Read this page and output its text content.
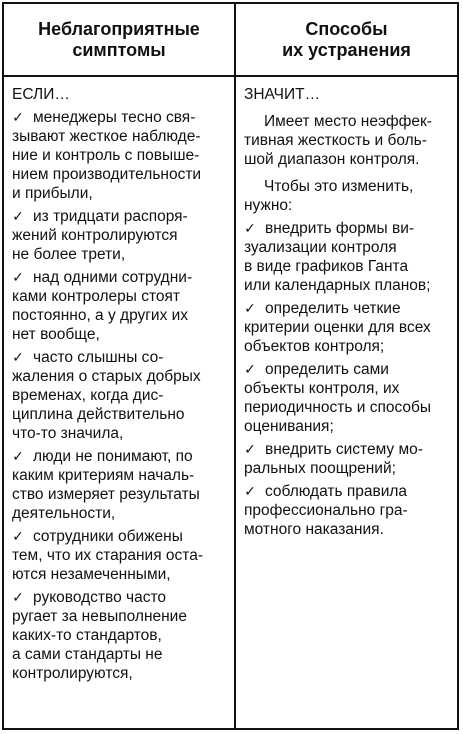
Неблагоприятные
симптомы
Способы
их устранения
ЕСЛИ…
✓ менеджеры тесно свя-
зывают жесткое наблюде-
ние и контроль с повыше-
нием производительности
и прибыли,
✓ из тридцати распоря-
жений контролируются
не более трети,
✓ над одними сотрудни-
ками контролеры стоят
постоянно, а у других их
нет вообще,
✓ часто слышны со-
жаления о старых добрых
временах, когда дис-
циплина действительно
что-то значила,
✓ люди не понимают, по
каким критериям началь-
ство измеряет результаты
деятельности,
✓ сотрудники обижены
тем, что их старания оста-
ются незамеченными,
✓ руководство часто
ругает за невыполнение
каких-то стандартов,
а сами стандарты не
контролируются,
ЗНАЧИТ…
Имеет место неэффек-
тивная жесткость и боль-
шой диапазон контроля.
Чтобы это изменить,
нужно:
✓ внедрить формы ви-
зуализации контроля
в виде графиков Ганта
или календарных планов;
✓ определить четкие
критерии оценки для всех
объектов контроля;
✓ определить сами
объекты контроля, их
периодичность и способы
оценивания;
✓ внедрить систему мо-
ральных поощрений;
✓ соблюдать правила
профессионально гра-
мотного наказания.
